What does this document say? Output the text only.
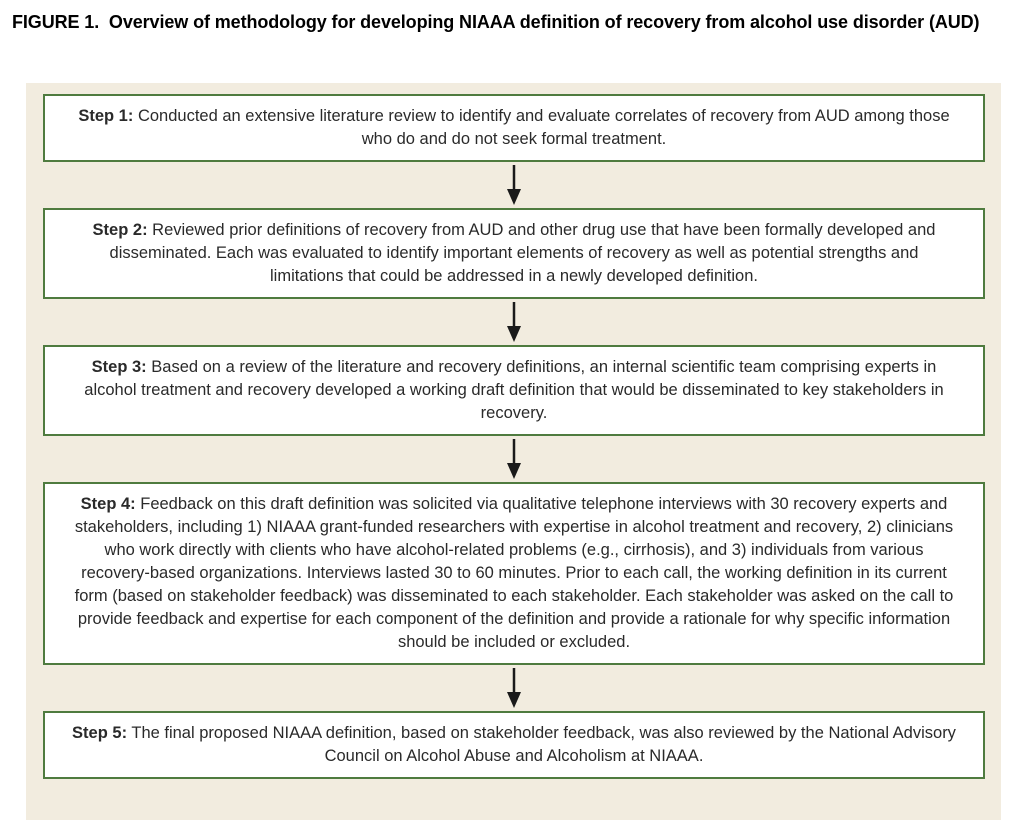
FIGURE 1.  Overview of methodology for developing NIAAA definition of recovery from alcohol use disorder (AUD)
Step 1: Conducted an extensive literature review to identify and evaluate correlates of recovery from AUD among those who do and do not seek formal treatment.
Step 2: Reviewed prior definitions of recovery from AUD and other drug use that have been formally developed and disseminated. Each was evaluated to identify important elements of recovery as well as potential strengths and limitations that could be addressed in a newly developed definition.
Step 3: Based on a review of the literature and recovery definitions, an internal scientific team comprising experts in alcohol treatment and recovery developed a working draft definition that would be disseminated to key stakeholders in recovery.
Step 4: Feedback on this draft definition was solicited via qualitative telephone interviews with 30 recovery experts and stakeholders, including 1) NIAAA grant-funded researchers with expertise in alcohol treatment and recovery, 2) clinicians who work directly with clients who have alcohol-related problems (e.g., cirrhosis), and 3) individuals from various recovery-based organizations. Interviews lasted 30 to 60 minutes. Prior to each call, the working definition in its current form (based on stakeholder feedback) was disseminated to each stakeholder. Each stakeholder was asked on the call to provide feedback and expertise for each component of the definition and provide a rationale for why specific information should be included or excluded.
Step 5: The final proposed NIAAA definition, based on stakeholder feedback, was also reviewed by the National Advisory Council on Alcohol Abuse and Alcoholism at NIAAA.
